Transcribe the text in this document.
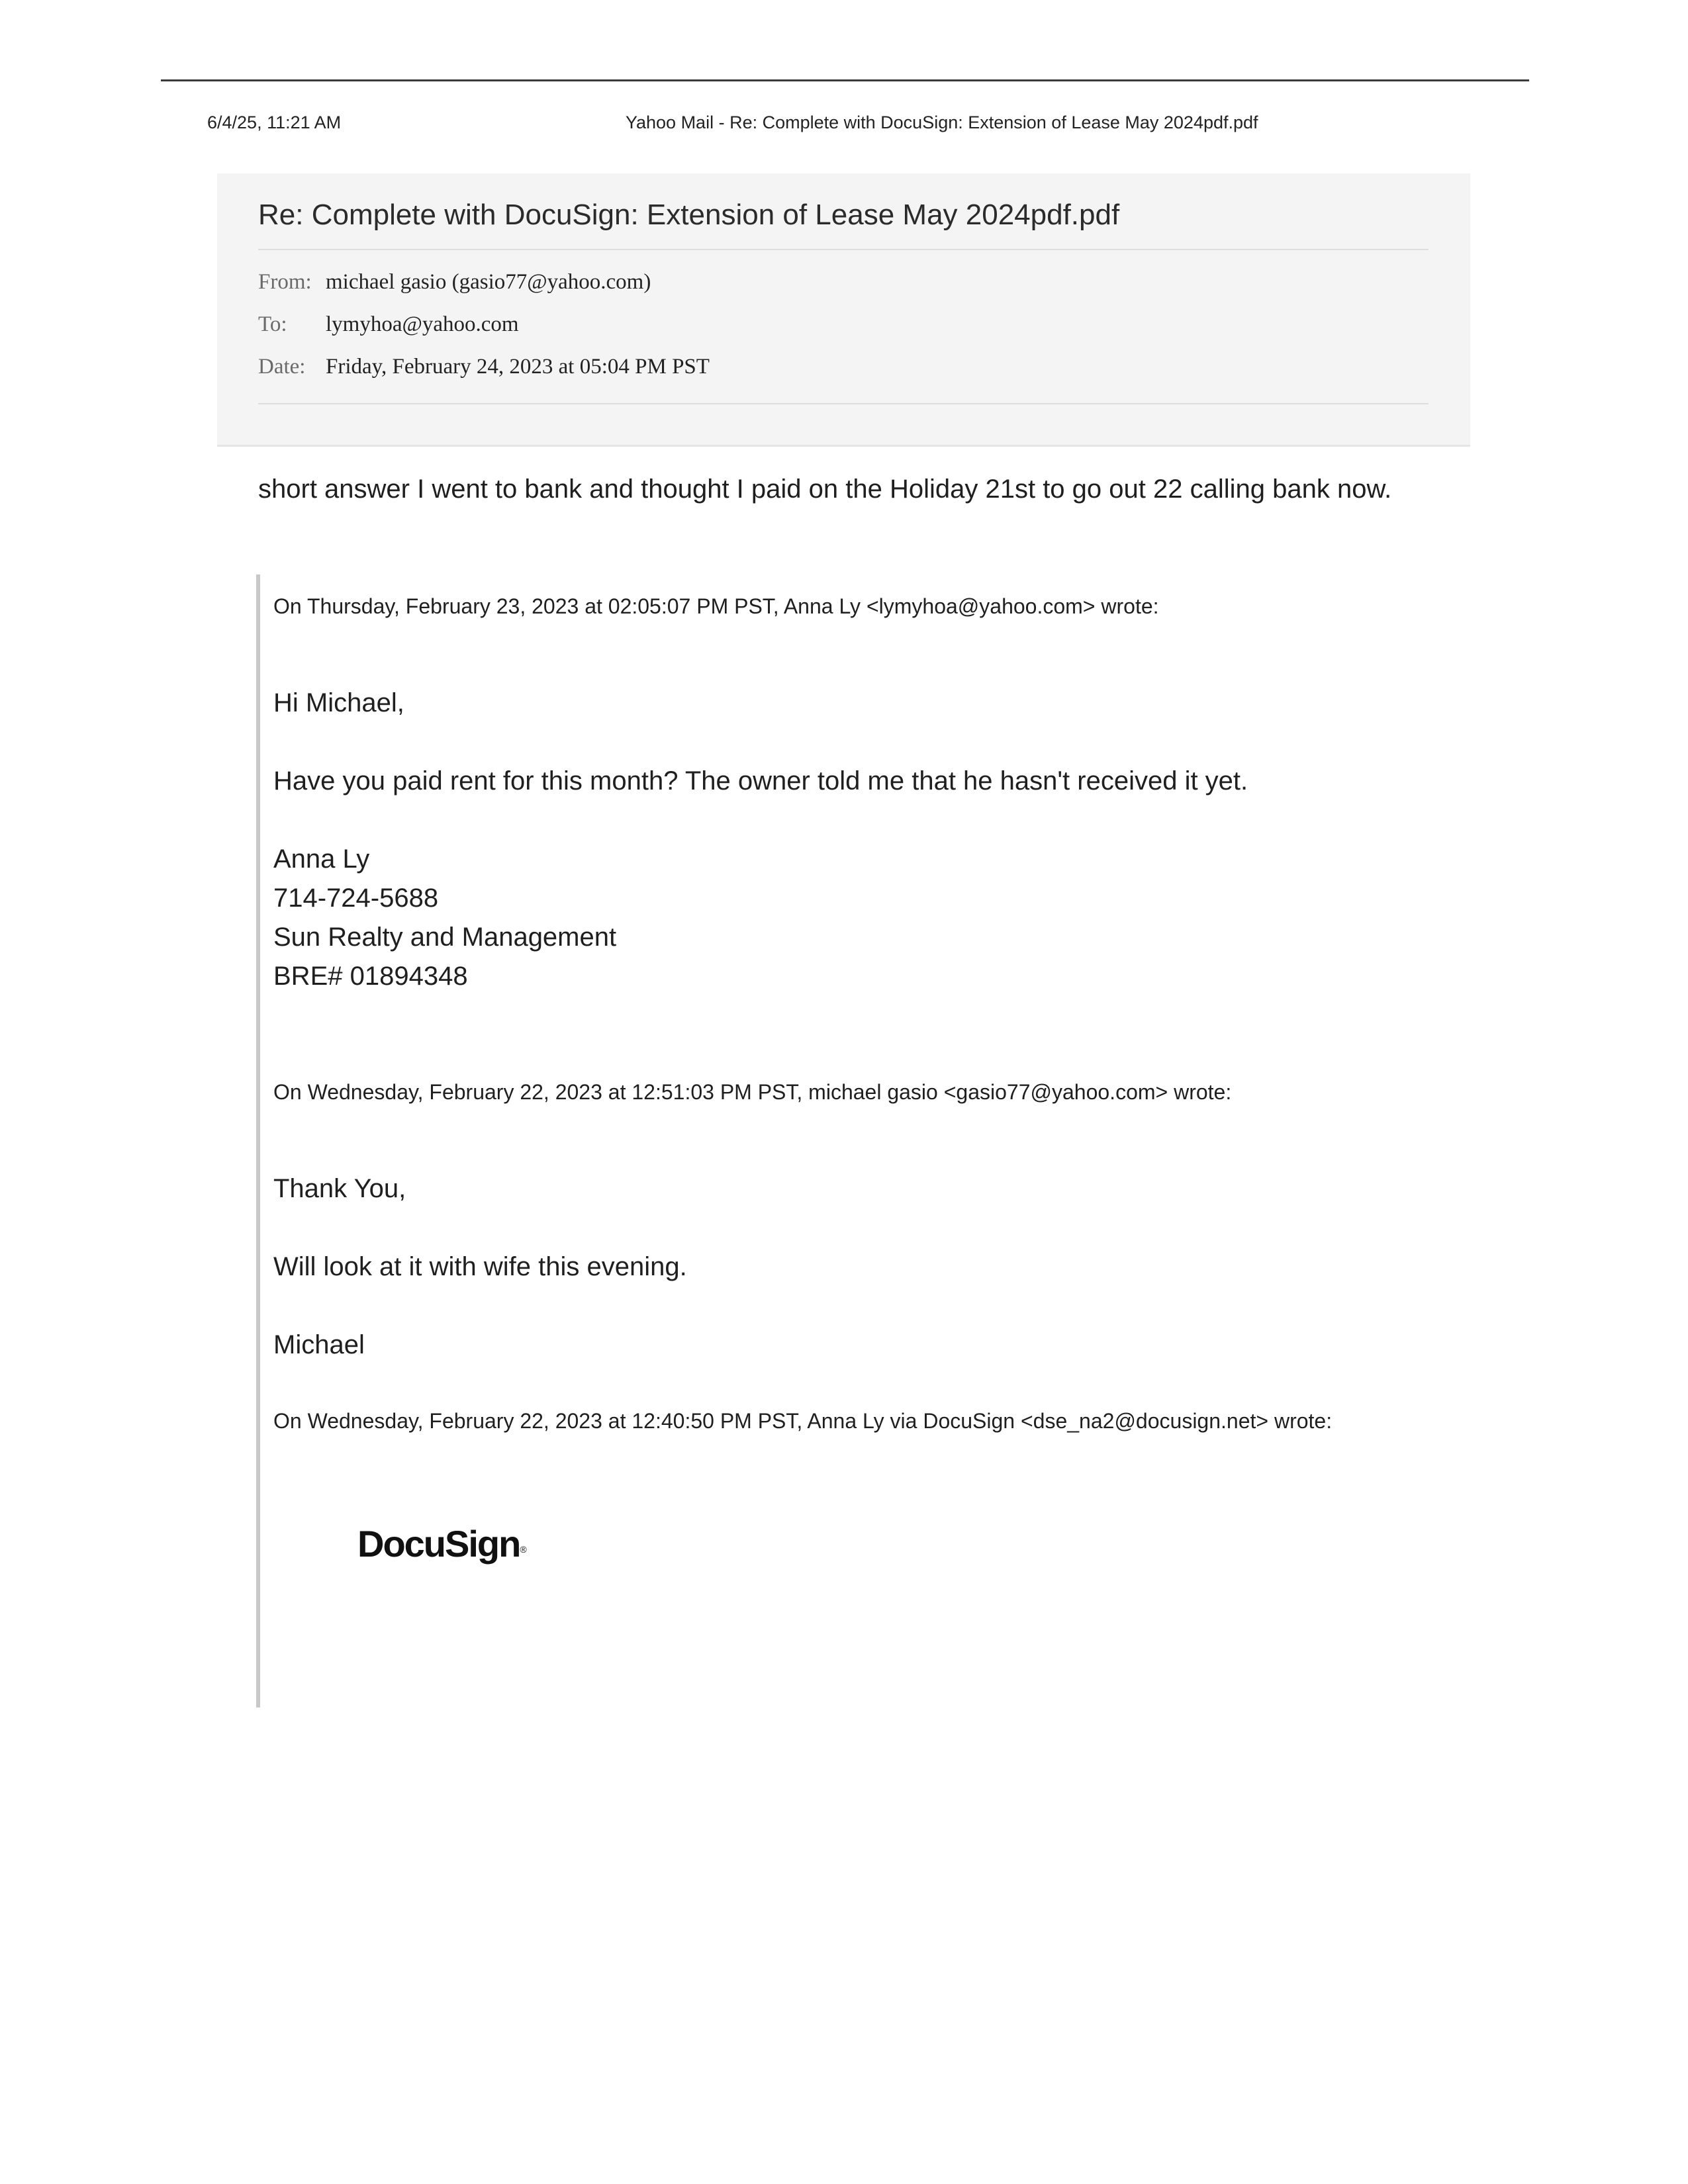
6/4/25, 11:21 AM	Yahoo Mail - Re: Complete with DocuSign: Extension of Lease May 2024pdf.pdf
Re: Complete with DocuSign: Extension of Lease May 2024pdf.pdf
From: michael gasio (gasio77@yahoo.com)
To: lymyhoa@yahoo.com
Date: Friday, February 24, 2023 at 05:04 PM PST
short answer I went to bank and thought I paid on the Holiday 21st to go out 22 calling bank now.
On Thursday, February 23, 2023 at 02:05:07 PM PST, Anna Ly <lymyhoa@yahoo.com> wrote:
Hi Michael,
Have you paid rent for this month? The owner told me that he hasn't received it yet.
Anna Ly
714-724-5688
Sun Realty and Management
BRE# 01894348
On Wednesday, February 22, 2023 at 12:51:03 PM PST, michael gasio <gasio77@yahoo.com> wrote:
Thank You,
Will look at it with wife this evening.
Michael
On Wednesday, February 22, 2023 at 12:40:50 PM PST, Anna Ly via DocuSign <dse_na2@docusign.net> wrote:
DocuSign®
